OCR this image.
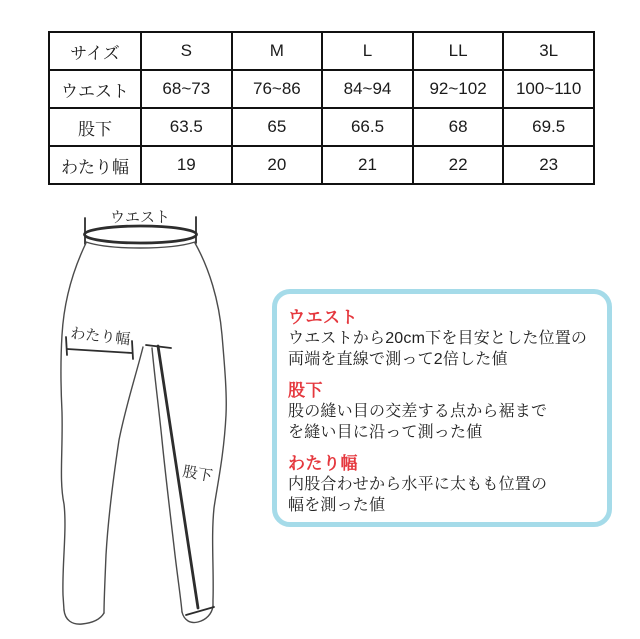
サイズ	S	M	L	LL	3L
ウエスト	68~73	76~86	84~94	92~102	100~110
股下	63.5	65	66.5	68	69.5
わたり幅	19	20	21	22	23
ウエスト
わたり幅
股下
ウエスト
ウエストから20cm下を目安とした位置の
両端を直線で測って2倍した値
股下
股の縫い目の交差する点から裾まで
を縫い目に沿って測った値
わたり幅
内股合わせから水平に太もも位置の
幅を測った値
